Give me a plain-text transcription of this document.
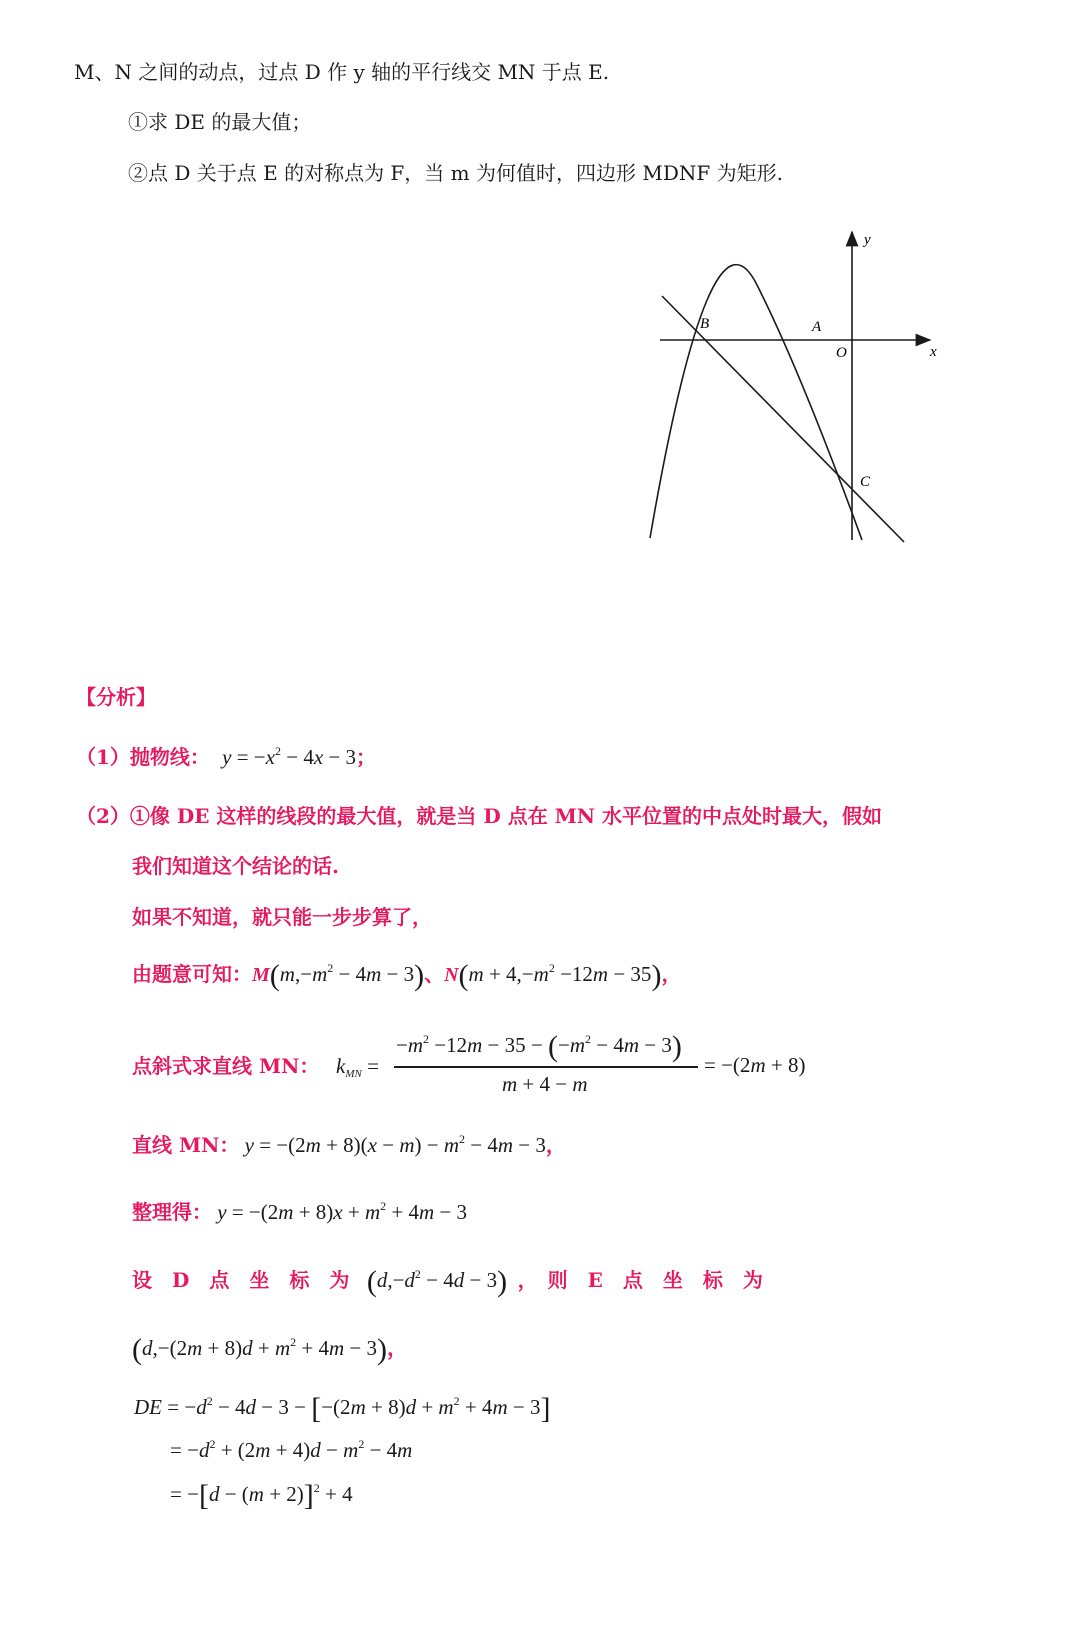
M、N 之间的动点，过点 D 作 y 轴的平行线交 MN 于点 E.
①求 DE 的最大值；
②点 D 关于点 E 的对称点为 F，当 m 为何值时，四边形 MDNF 为矩形.
y
x
B	A
O
C
【分析】
（1）抛物线： $y = -x^2 - 4x - 3$；
（2）①像 DE 这样的线段的最大值，就是当 D 点在 MN 水平位置的中点处时最大，假如
我们知道这个结论的话.
如果不知道，就只能一步步算了，
由题意可知：$M(m,-m^2 - 4m - 3)$、$N(m + 4,-m^2 -12m - 35)$，
点斜式求直线 MN： $k_{MN}$ =
$-m^2 -12m - 35 - (-m^2 - 4m - 3)$
m + 4 − m
= −(2m + 8)
直线 MN： $y = -(2m + 8)(x - m) - m^2 - 4m - 3$，
整理得： $y = -(2m + 8)x + m^2 + 4m - 3$
设　D　点　坐　标　为 $(d,-d^2 - 4d - 3)$ ，　则　E　点　坐　标　为
$(d,-(2m + 8)d + m^2 + 4m - 3)$，
DE = $-d^2 - 4d - 3 - [-(2m + 8)d + m^2 + 4m - 3]$
= $-d^2 + (2m + 4)d - m^2 - 4m$
= $-[d - (m + 2)]^2 + 4$
